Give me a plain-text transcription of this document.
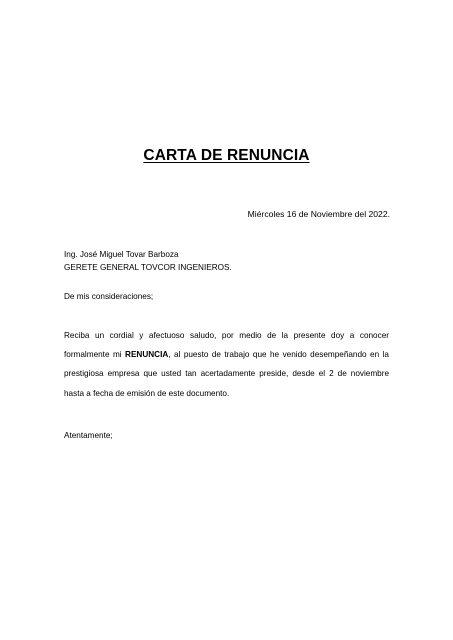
CARTA DE RENUNCIA
Miércoles 16 de Noviembre del 2022.
Ing. José Miguel Tovar Barboza
GERETE GENERAL TOVCOR INGENIEROS.
De mis consideraciones;

Reciba un cordial y afectuoso saludo, por medio de la presente doy a conocer formalmente mi RENUNCIA, al puesto de trabajo que he venido desempeñando en la prestigiosa empresa que usted tan acertadamente preside, desde el 2 de noviembre hasta a fecha de emisión de este documento.

Atentamente;
